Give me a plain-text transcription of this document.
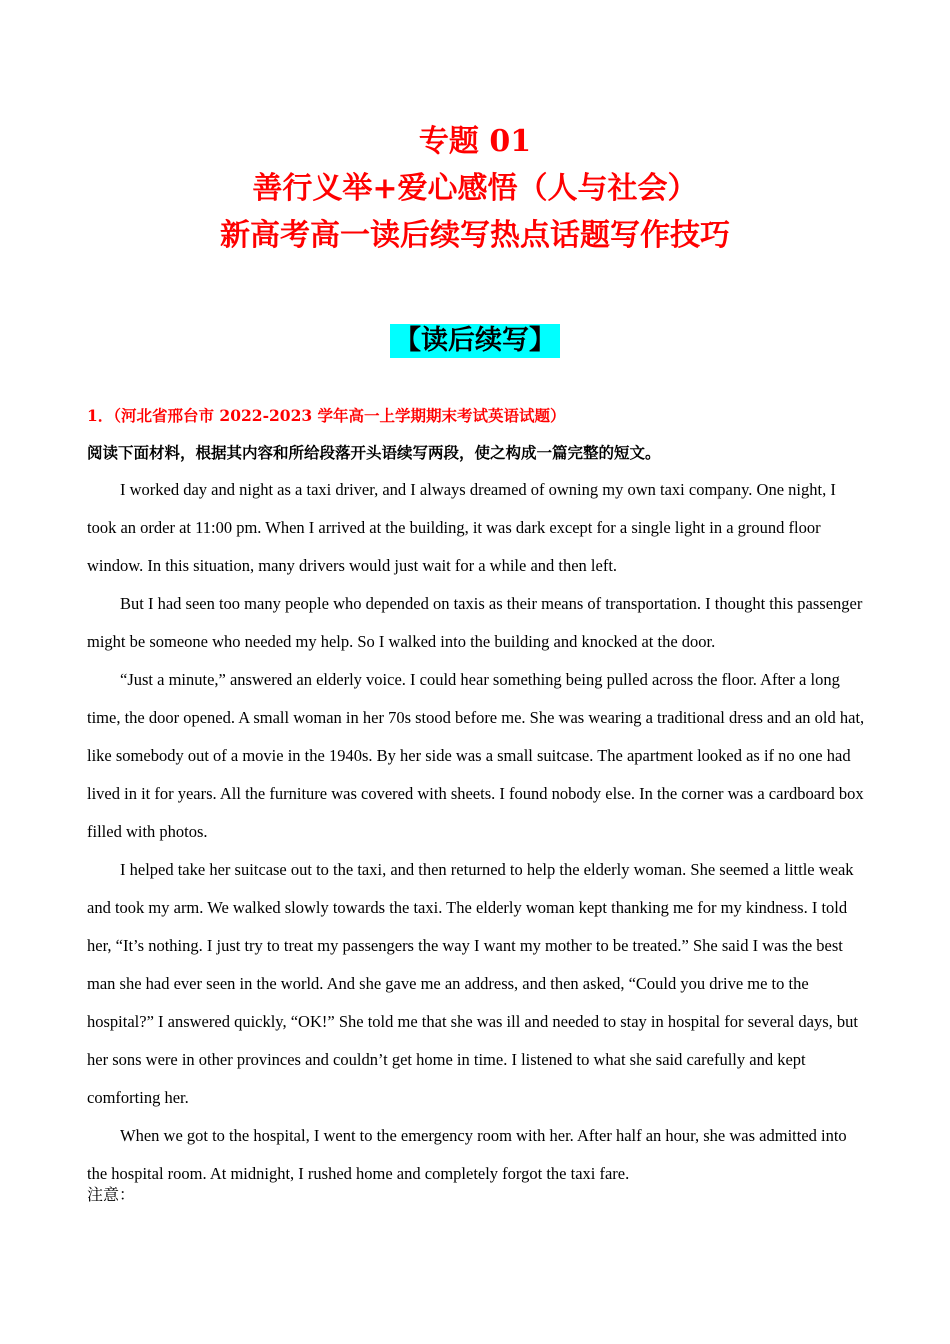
专题 01
善行义举+爱心感悟（人与社会）
新高考高一读后续写热点话题写作技巧
【读后续写】
1．（河北省邢台市 2022-2023 学年高一上学期期末考试英语试题）
阅读下面材料，根据其内容和所给段落开头语续写两段，使之构成一篇完整的短文。

I worked day and night as a taxi driver, and I always dreamed of owning my own taxi company. One night, I took an order at 11:00 pm. When I arrived at the building, it was dark except for a single light in a ground floor window. In this situation, many drivers would just wait for a while and then left.

But I had seen too many people who depended on taxis as their means of transportation. I thought this passenger might be someone who needed my help. So I walked into the building and knocked at the door.

“Just a minute,” answered an elderly voice. I could hear something being pulled across the floor. After a long time, the door opened. A small woman in her 70s stood before me. She was wearing a traditional dress and an old hat, like somebody out of a movie in the 1940s. By her side was a small suitcase. The apartment looked as if no one had lived in it for years. All the furniture was covered with sheets. I found nobody else. In the corner was a cardboard box filled with photos.

I helped take her suitcase out to the taxi, and then returned to help the elderly woman. She seemed a little weak and took my arm. We walked slowly towards the taxi. The elderly woman kept thanking me for my kindness. I told her, “It’s nothing. I just try to treat my passengers the way I want my mother to be treated.” She said I was the best man she had ever seen in the world. And she gave me an address, and then asked, “Could you drive me to the hospital?” I answered quickly, “OK!” She told me that she was ill and needed to stay in hospital for several days, but her sons were in other provinces and couldn’t get home in time. I listened to what she said carefully and kept comforting her.

When we got to the hospital, I went to the emergency room with her. After half an hour, she was admitted into the hospital room. At midnight, I rushed home and completely forgot the taxi fare.

注意：
